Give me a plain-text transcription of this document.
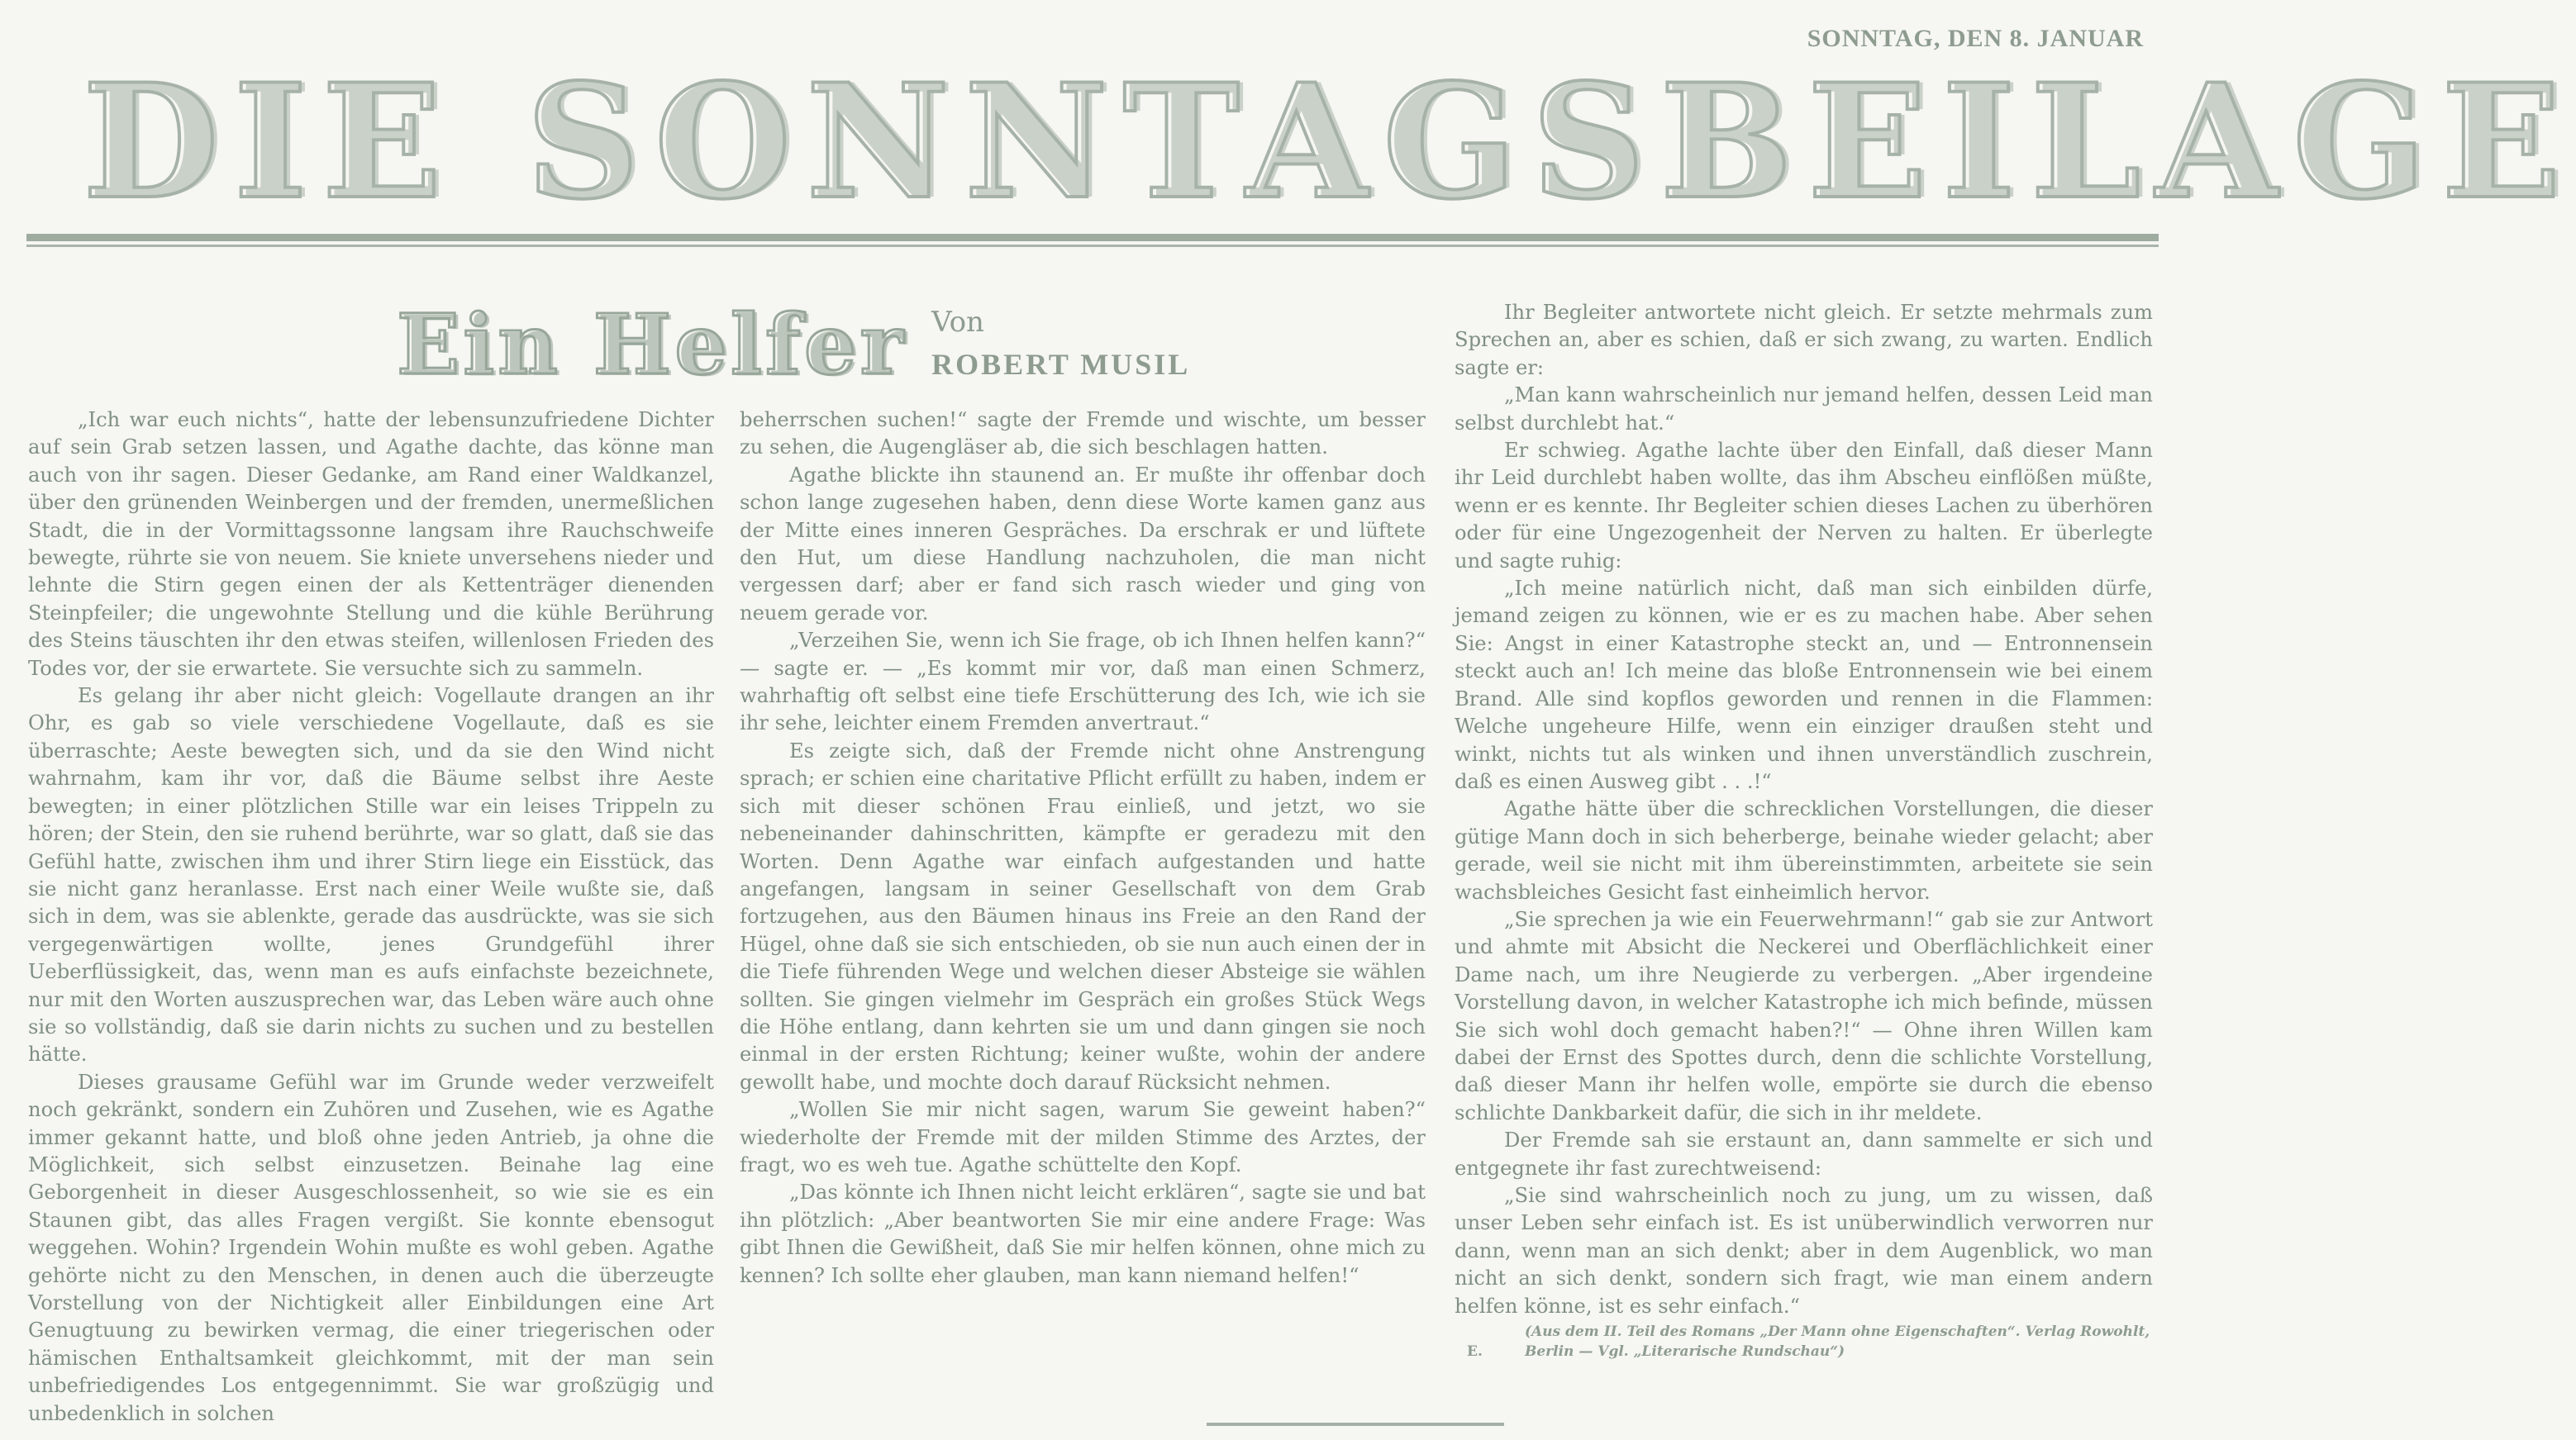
SONNTAG, DEN 8. JANUAR
DIE SONNTAGSBEILAGE
Ein Helfer Von
ROBERT MUSIL

„Ich war euch nichts“, hatte der lebensunzufriedene Dichter auf sein Grab setzen lassen, und Agathe dachte, das könne man auch von ihr sagen. Dieser Gedanke, am Rand einer Waldkanzel, über den grünenden Weinbergen und der fremden, unermeßlichen Stadt, die in der Vormittagssonne langsam ihre Rauchschweife bewegte, rührte sie von neuem. Sie kniete unversehens nieder und lehnte die Stirn gegen einen der als Kettenträger dienenden Steinpfeiler; die ungewohnte Stellung und die kühle Berührung des Steins täuschten ihr den etwas steifen, willenlosen Frieden des Todes vor, der sie erwartete. Sie versuchte sich zu sammeln.

Es gelang ihr aber nicht gleich: Vogellaute drangen an ihr Ohr, es gab so viele verschiedene Vogellaute, daß es sie überraschte; Aeste bewegten sich, und da sie den Wind nicht wahrnahm, kam ihr vor, daß die Bäume selbst ihre Aeste bewegten; in einer plötzlichen Stille war ein leises Trippeln zu hören; der Stein, den sie ruhend berührte, war so glatt, daß sie das Gefühl hatte, zwischen ihm und ihrer Stirn liege ein Eisstück, das sie nicht ganz heranlasse. Erst nach einer Weile wußte sie, daß sich in dem, was sie ablenkte, gerade das ausdrückte, was sie sich vergegenwärtigen wollte, jenes Grundgefühl ihrer Ueberflüssigkeit, das, wenn man es aufs einfachste bezeichnete, nur mit den Worten auszusprechen war, das Leben wäre auch ohne sie so vollständig, daß sie darin nichts zu suchen und zu bestellen hätte.

Dieses grausame Gefühl war im Grunde weder verzweifelt noch gekränkt, sondern ein Zuhören und Zusehen, wie es Agathe immer gekannt hatte, und bloß ohne jeden Antrieb, ja ohne die Möglichkeit, sich selbst einzusetzen. Beinahe lag eine Geborgenheit in dieser Ausgeschlossenheit, so wie sie es ein Staunen gibt, das alles Fragen vergißt. Sie konnte ebensogut weggehen. Wohin? Irgendein Wohin mußte es wohl geben. Agathe gehörte nicht zu den Menschen, in denen auch die überzeugte Vorstellung von der Nichtigkeit aller Einbildungen eine Art Genugtuung zu bewirken vermag, die einer triegerischen oder hämischen Enthaltsamkeit gleichkommt, mit der man sein unbefriedigendes Los entgegennimmt. Sie war großzügig und unbedenklich in solchen

beherrschen suchen!“ sagte der Fremde und wischte, um besser zu sehen, die Augengläser ab, die sich beschlagen hatten.

Agathe blickte ihn staunend an. Er mußte ihr offenbar doch schon lange zugesehen haben, denn diese Worte kamen ganz aus der Mitte eines inneren Gespräches. Da erschrak er und lüftete den Hut, um diese Handlung nachzuholen, die man nicht vergessen darf; aber er fand sich rasch wieder und ging von neuem gerade vor.

„Verzeihen Sie, wenn ich Sie frage, ob ich Ihnen helfen kann?“ — sagte er. — „Es kommt mir vor, daß man einen Schmerz, wahrhaftig oft selbst eine tiefe Erschütterung des Ich, wie ich sie ihr sehe, leichter einem Fremden anvertraut.“

Es zeigte sich, daß der Fremde nicht ohne Anstrengung sprach; er schien eine charitative Pflicht erfüllt zu haben, indem er sich mit dieser schönen Frau einließ, und jetzt, wo sie nebeneinander dahinschritten, kämpfte er geradezu mit den Worten. Denn Agathe war einfach aufgestanden und hatte angefangen, langsam in seiner Gesellschaft von dem Grab fortzugehen, aus den Bäumen hinaus ins Freie an den Rand der Hügel, ohne daß sie sich entschieden, ob sie nun auch einen der in die Tiefe führenden Wege und welchen dieser Absteige sie wählen sollten. Sie gingen vielmehr im Gespräch ein großes Stück Wegs die Höhe entlang, dann kehrten sie um und dann gingen sie noch einmal in der ersten Richtung; keiner wußte, wohin der andere gewollt habe, und mochte doch darauf Rücksicht nehmen.

„Wollen Sie mir nicht sagen, warum Sie geweint haben?“ wiederholte der Fremde mit der milden Stimme des Arztes, der fragt, wo es weh tue. Agathe schüttelte den Kopf.

„Das könnte ich Ihnen nicht leicht erklären“, sagte sie und bat ihn plötzlich: „Aber beantworten Sie mir eine andere Frage: Was gibt Ihnen die Gewißheit, daß Sie mir helfen können, ohne mich zu kennen? Ich sollte eher glauben, man kann niemand helfen!“

Ihr Begleiter antwortete nicht gleich. Er setzte mehrmals zum Sprechen an, aber es schien, daß er sich zwang, zu warten. Endlich sagte er:

„Man kann wahrscheinlich nur jemand helfen, dessen Leid man selbst durchlebt hat.“

Er schwieg. Agathe lachte über den Einfall, daß dieser Mann ihr Leid durchlebt haben wollte, das ihm Abscheu einflößen müßte, wenn er es kennte. Ihr Begleiter schien dieses Lachen zu überhören oder für eine Ungezogenheit der Nerven zu halten. Er überlegte und sagte ruhig:

„Ich meine natürlich nicht, daß man sich einbilden dürfe, jemand zeigen zu können, wie er es zu machen habe. Aber sehen Sie: Angst in einer Katastrophe steckt an, und — Entronnensein steckt auch an! Ich meine das bloße Entronnensein wie bei einem Brand. Alle sind kopflos geworden und rennen in die Flammen: Welche ungeheure Hilfe, wenn ein einziger draußen steht und winkt, nichts tut als winken und ihnen unverständlich zuschrein, daß es einen Ausweg gibt . . .!“

Agathe hätte über die schrecklichen Vorstellungen, die dieser gütige Mann doch in sich beherberge, beinahe wieder gelacht; aber gerade, weil sie nicht mit ihm übereinstimmten, arbeitete sie sein wachsbleiches Gesicht fast einheimlich hervor.

„Sie sprechen ja wie ein Feuerwehrmann!“ gab sie zur Antwort und ahmte mit Absicht die Neckerei und Oberflächlichkeit einer Dame nach, um ihre Neugierde zu verbergen. „Aber irgendeine Vorstellung davon, in welcher Katastrophe ich mich befinde, müssen Sie sich wohl doch gemacht haben?!“ — Ohne ihren Willen kam dabei der Ernst des Spottes durch, denn die schlichte Vorstellung, daß dieser Mann ihr helfen wolle, empörte sie durch die ebenso schlichte Dankbarkeit dafür, die sich in ihr meldete.

Der Fremde sah sie erstaunt an, dann sammelte er sich und entgegnete ihr fast zurechtweisend:

„Sie sind wahrscheinlich noch zu jung, um zu wissen, daß unser Leben sehr einfach ist. Es ist unüberwindlich verworren nur dann, wenn man an sich denkt; aber in dem Augenblick, wo man nicht an sich denkt, sondern sich fragt, wie man einem andern helfen könne, ist es sehr einfach.“

E.
(Aus dem II. Teil des Romans „Der Mann ohne Eigenschaften“. Verlag Rowohlt, Berlin — Vgl. „Literarische Rundschau“)
